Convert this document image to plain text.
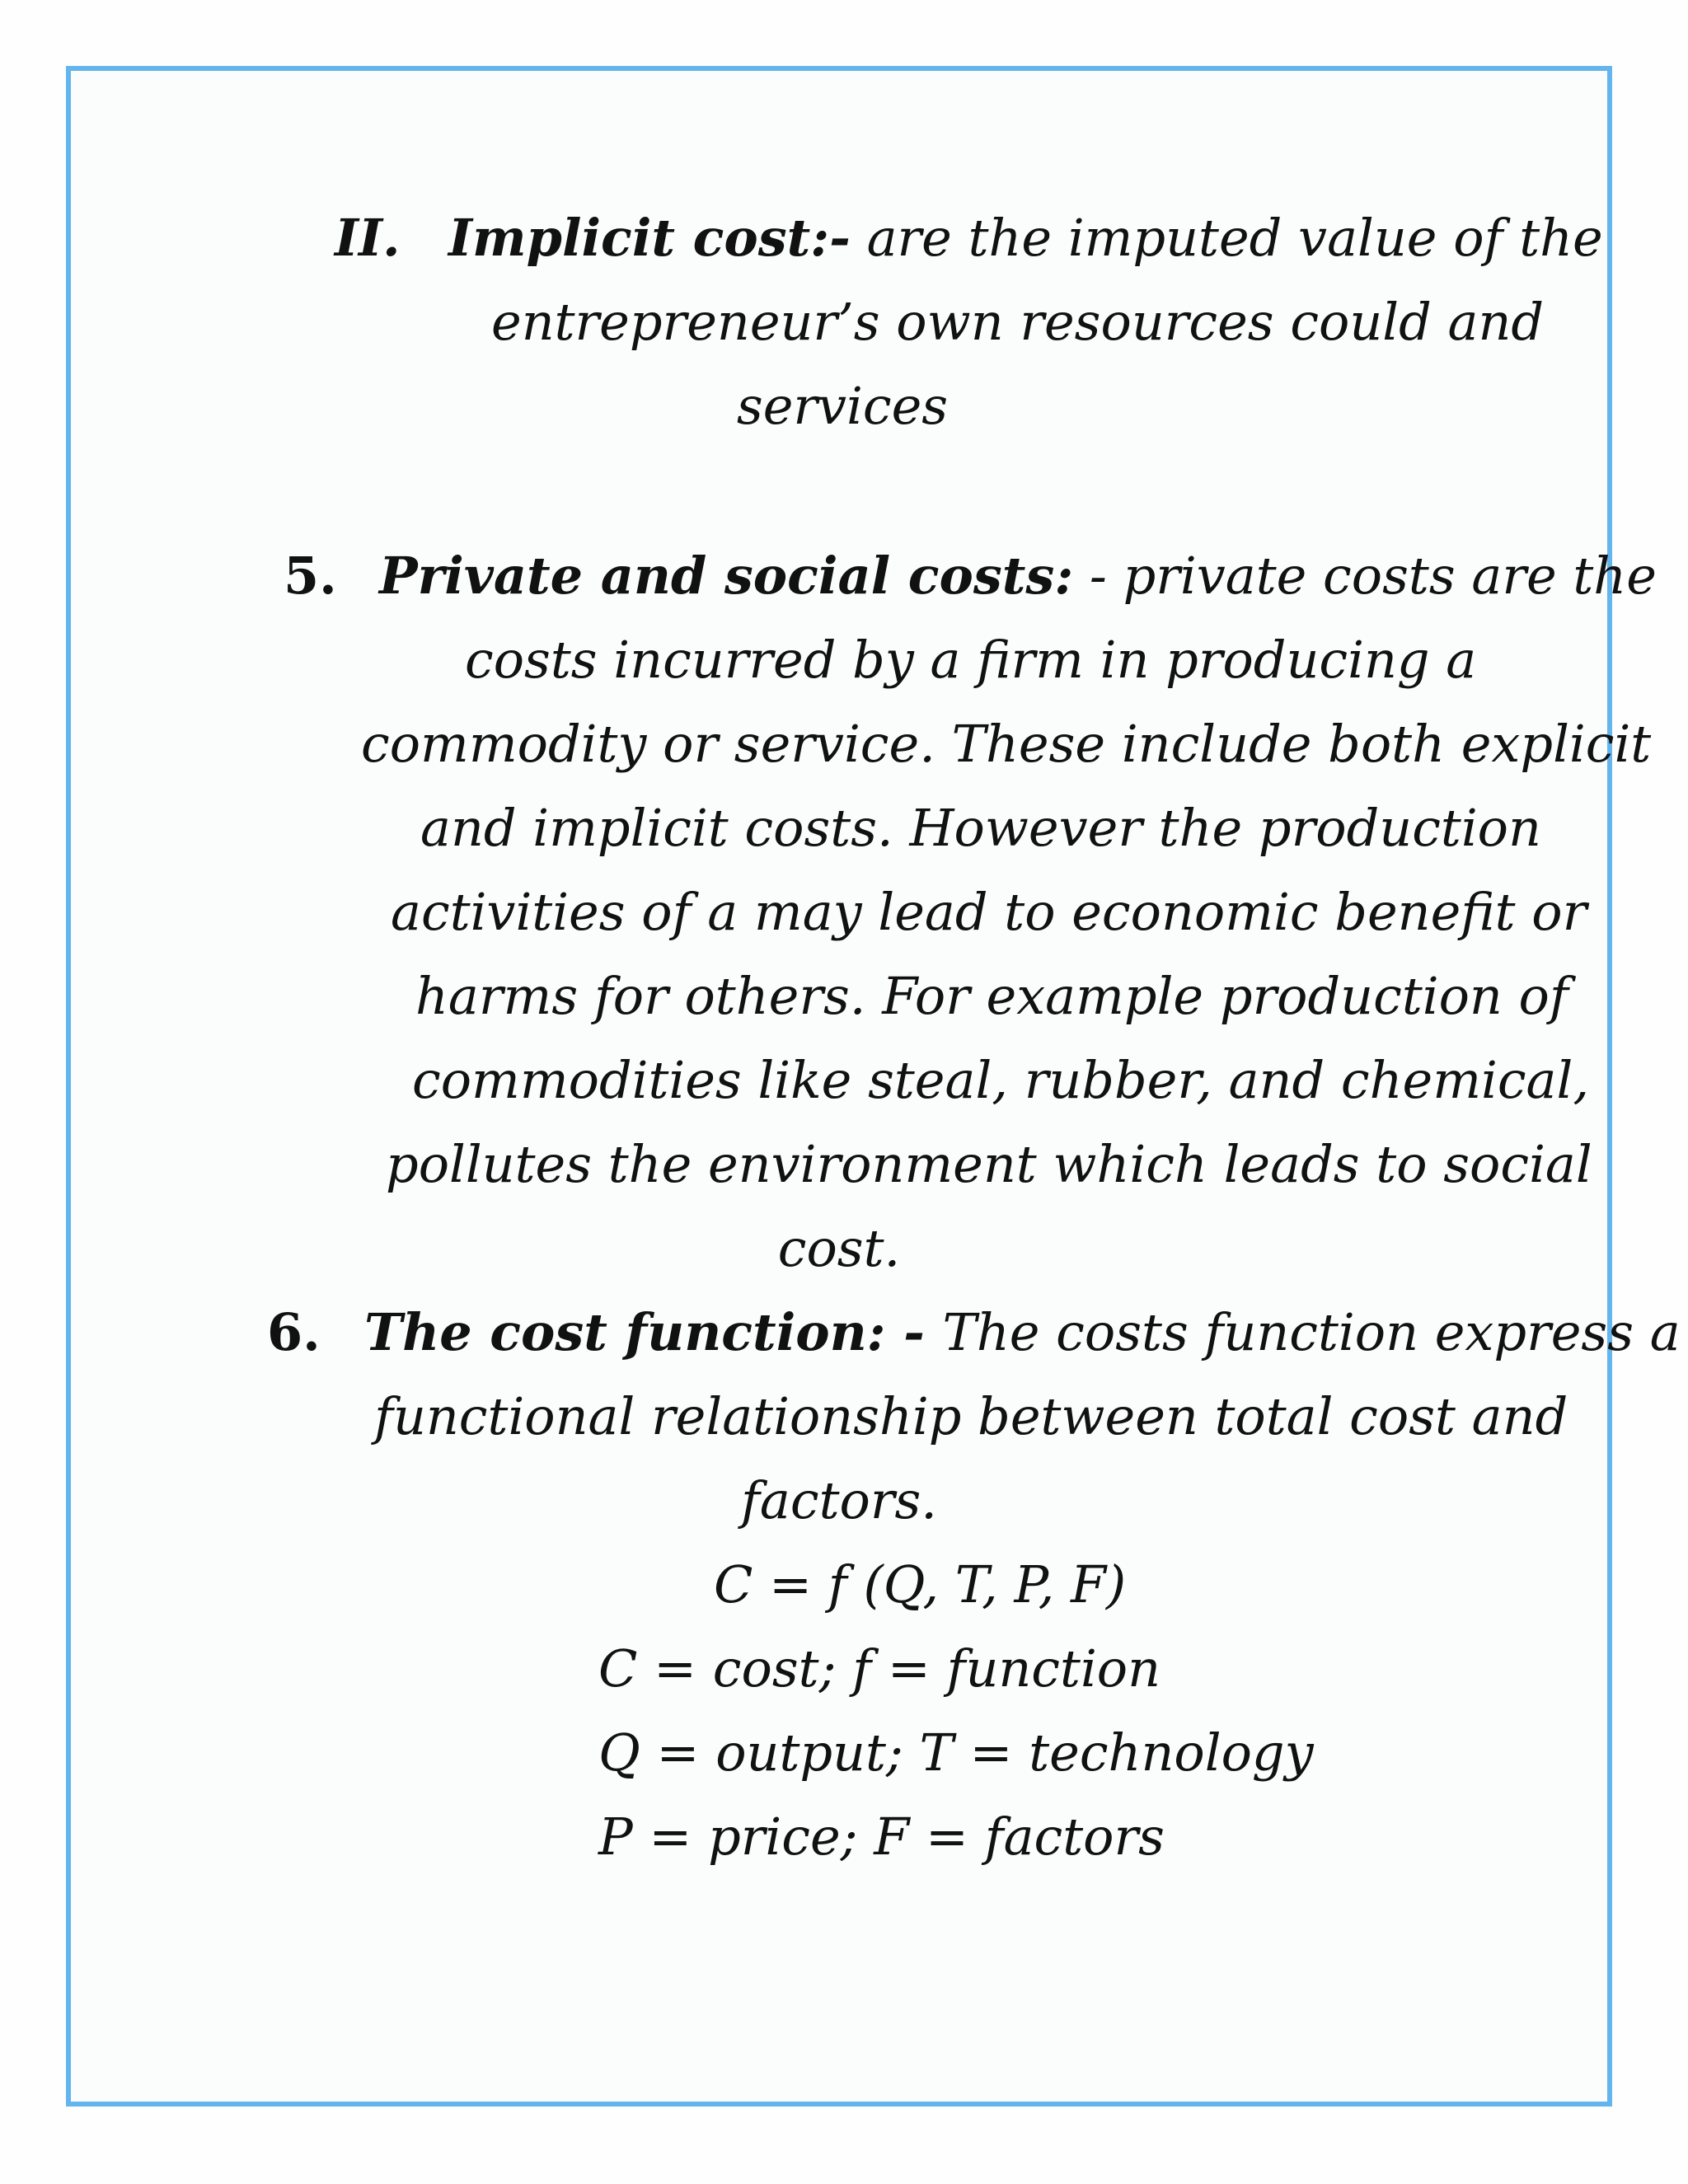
II. Implicit cost:- are the imputed value of the
entrepreneur’s own resources could and
services
5. Private and social costs: - private costs are the
costs incurred by a firm in producing a
commodity or service. These include both explicit
and implicit costs. However the production
activities of a may lead to economic benefit or
harms for others. For example production of
commodities like steal, rubber, and chemical,
pollutes the environment which leads to social
cost.
6. The cost function: - The costs function express a
functional relationship between total cost and
factors.
C = f (Q, T, P, F)
C = cost; f = function
Q = output; T = technology
P = price; F = factors
